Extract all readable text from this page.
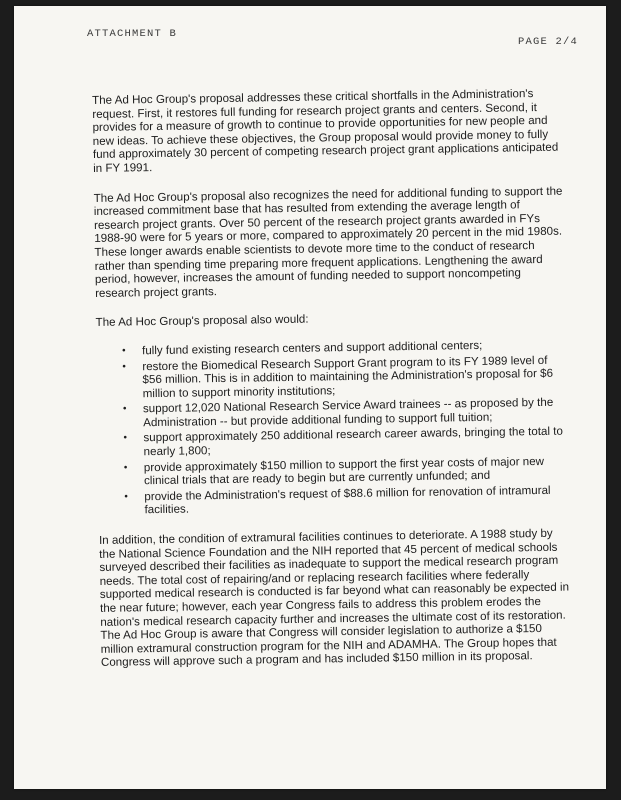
ATTACHMENT B
PAGE 2/4

The Ad Hoc Group's proposal addresses these critical shortfalls in the Administration's request. First, it restores full funding for research project grants and centers. Second, it provides for a measure of growth to continue to provide opportunities for new people and new ideas. To achieve these objectives, the Group proposal would provide money to fully fund approximately 30 percent of competing research project grant applications anticipated in FY 1991.

The Ad Hoc Group's proposal also recognizes the need for additional funding to support the increased commitment base that has resulted from extending the average length of research project grants. Over 50 percent of the research project grants awarded in FYs 1988-90 were for 5 years or more, compared to approximately 20 percent in the mid 1980s. These longer awards enable scientists to devote more time to the conduct of research rather than spending time preparing more frequent applications. Lengthening the award period, however, increases the amount of funding needed to support noncompeting research project grants.

The Ad Hoc Group's proposal also would:

• fully fund existing research centers and support additional centers;
• restore the Biomedical Research Support Grant program to its FY 1989 level of $56 million. This is in addition to maintaining the Administration's proposal for $6 million to support minority institutions;
• support 12,020 National Research Service Award trainees -- as proposed by the Administration -- but provide additional funding to support full tuition;
• support approximately 250 additional research career awards, bringing the total to nearly 1,800;
• provide approximately $150 million to support the first year costs of major new clinical trials that are ready to begin but are currently unfunded; and
• provide the Administration's request of $88.6 million for renovation of intramural facilities.

In addition, the condition of extramural facilities continues to deteriorate. A 1988 study by the National Science Foundation and the NIH reported that 45 percent of medical schools surveyed described their facilities as inadequate to support the medical research program needs. The total cost of repairing/and or replacing research facilities where federally supported medical research is conducted is far beyond what can reasonably be expected in the near future; however, each year Congress fails to address this problem erodes the nation's medical research capacity further and increases the ultimate cost of its restoration. The Ad Hoc Group is aware that Congress will consider legislation to authorize a $150 million extramural construction program for the NIH and ADAMHA. The Group hopes that Congress will approve such a program and has included $150 million in its proposal.
